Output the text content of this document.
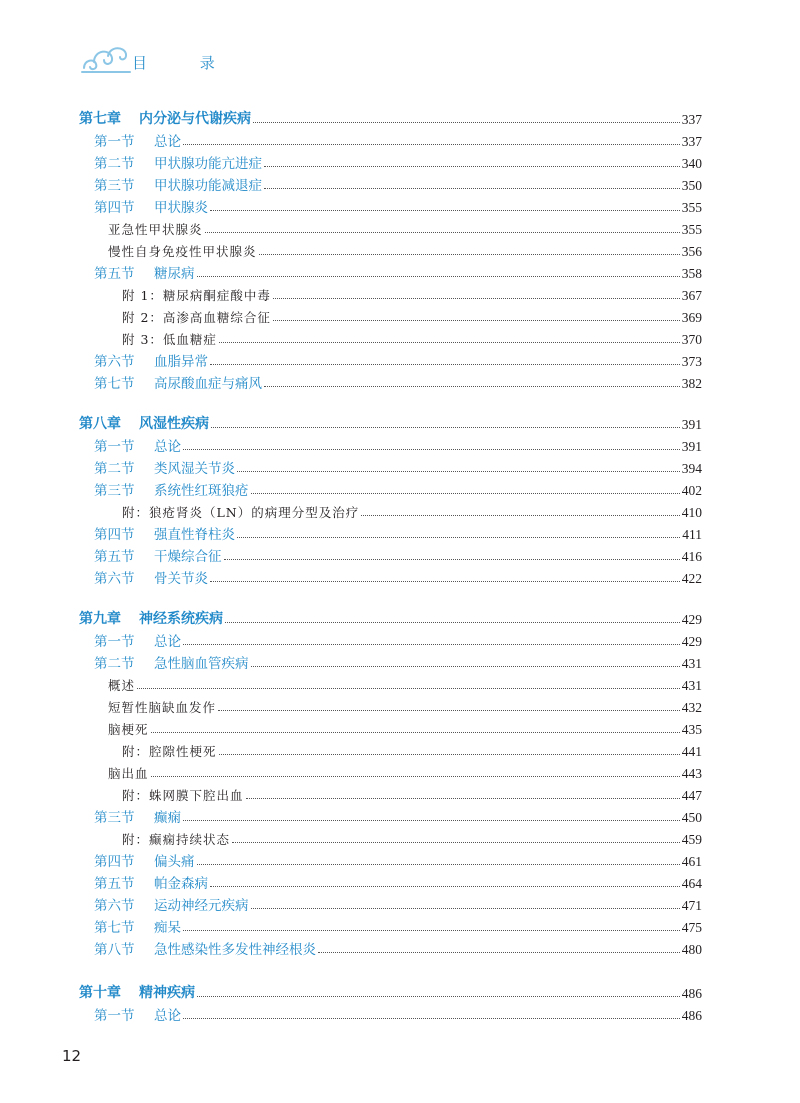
目 录
第七章 内分泌与代谢疾病	337
第一节 总论	337
第二节 甲状腺功能亢进症	340
第三节 甲状腺功能减退症	350
第四节 甲状腺炎	355
亚急性甲状腺炎	355
慢性自身免疫性甲状腺炎	356
第五节 糖尿病	358
附 1：糖尿病酮症酸中毒	367
附 2：高渗高血糖综合征	369
附 3：低血糖症	370
第六节 血脂异常	373
第七节 高尿酸血症与痛风	382
第八章 风湿性疾病	391
第一节 总论	391
第二节 类风湿关节炎	394
第三节 系统性红斑狼疮	402
附：狼疮肾炎（LN）的病理分型及治疗	410
第四节 强直性脊柱炎	411
第五节 干燥综合征	416
第六节 骨关节炎	422
第九章 神经系统疾病	429
第一节 总论	429
第二节 急性脑血管疾病	431
概述	431
短暂性脑缺血发作	432
脑梗死	435
附：腔隙性梗死	441
脑出血	443
附：蛛网膜下腔出血	447
第三节 癫痫	450
附：癫痫持续状态	459
第四节 偏头痛	461
第五节 帕金森病	464
第六节 运动神经元疾病	471
第七节 痴呆	475
第八节 急性感染性多发性神经根炎	480
第十章 精神疾病	486
第一节 总论	486
12
